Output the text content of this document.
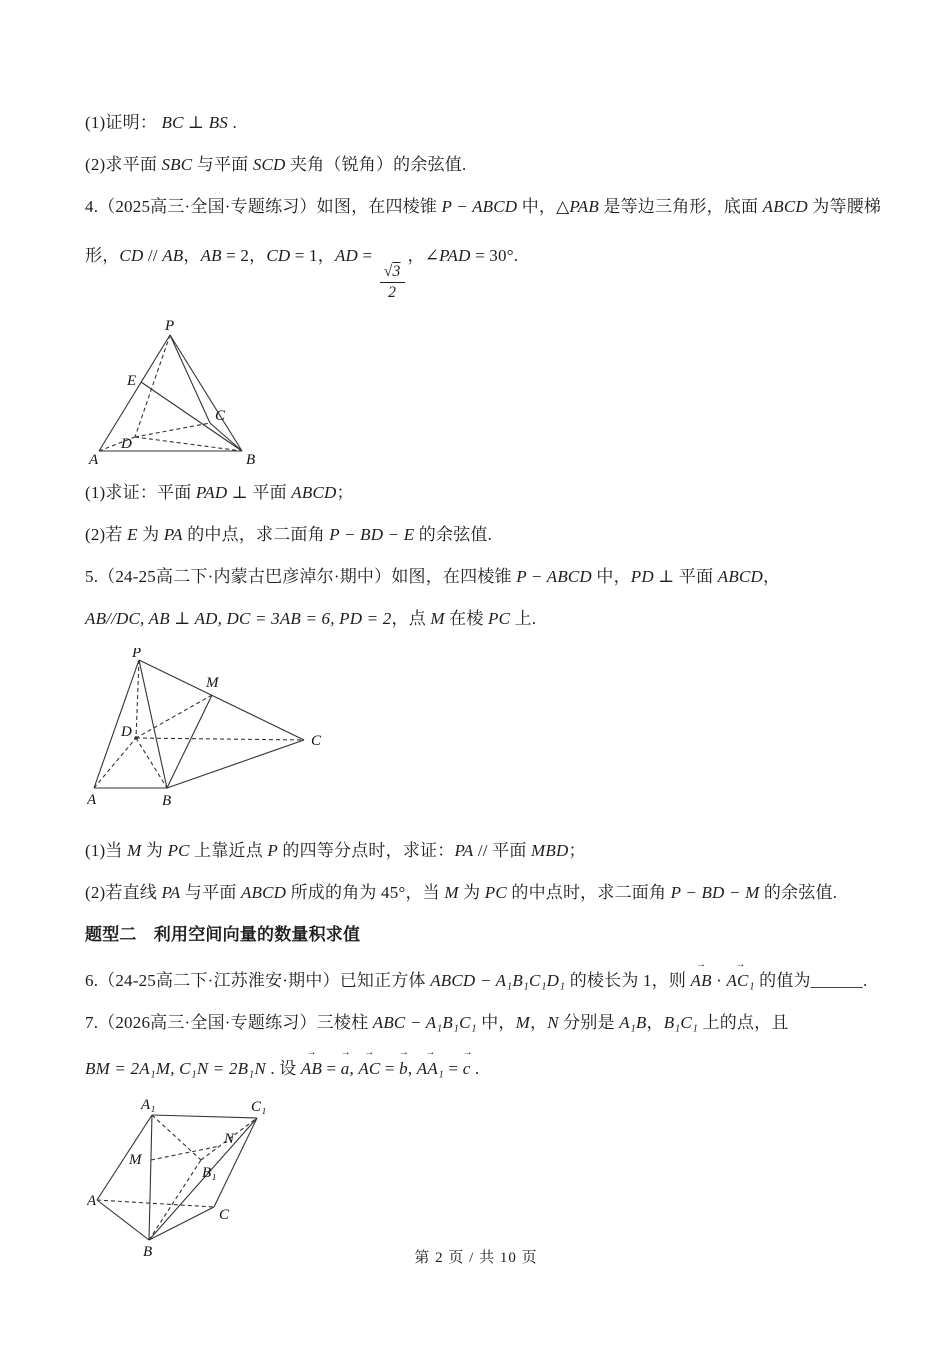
(1)证明： BC ⊥ BS .

(2)求平面 SBC 与平面 SCD 夹角（锐角）的余弦值.

4.（2025高三·全国·专题练习）如图，在四棱锥 P − ABCD 中，△PAB 是等边三角形，底面 ABCD 为等腰梯

形，CD // AB，AB = 2，CD = 1，AD =
$\frac{√3}{2}$
，∠PAD = 30°.

P
E
C
D
A	B

(1)求证：平面 PAD ⊥ 平面 ABCD；

(2)若 E 为 PA 的中点，求二面角 P − BD − E 的余弦值.

5.（24-25高二下·内蒙古巴彦淖尔·期中）如图，在四棱锥 P − ABCD 中，PD ⊥ 平面 ABCD，

AB//DC, AB ⊥ AD, DC = 3AB = 6, PD = 2，点 M 在棱 PC 上.

P
M
D
C
A	B

(1)当 M 为 PC 上靠近点 P 的四等分点时，求证：PA // 平面 MBD；

(2)若直线 PA 与平面 ABCD 所成的角为 45°，当 M 为 PC 的中点时，求二面角 P − BD − M 的余弦值.

题型二　利用空间向量的数量积求值

6.（24-25高二下·江苏淮安·期中）已知正方体 ABCD − A₁B₁C₁D₁ 的棱长为 1，则 AB → · AC₁ → 的值为______.

7.（2026高三·全国·专题练习）三棱柱 ABC − A₁B₁C₁ 中，M，N 分别是 A₁B，B₁C₁ 上的点，且

BM = 2A₁M, C₁N = 2B₁N . 设 AB → = a →, AC → = b →, AA₁ → = c → .

A₁	C₁
M
N
B₁
A
C
B	第 2 页 / 共 10 页
